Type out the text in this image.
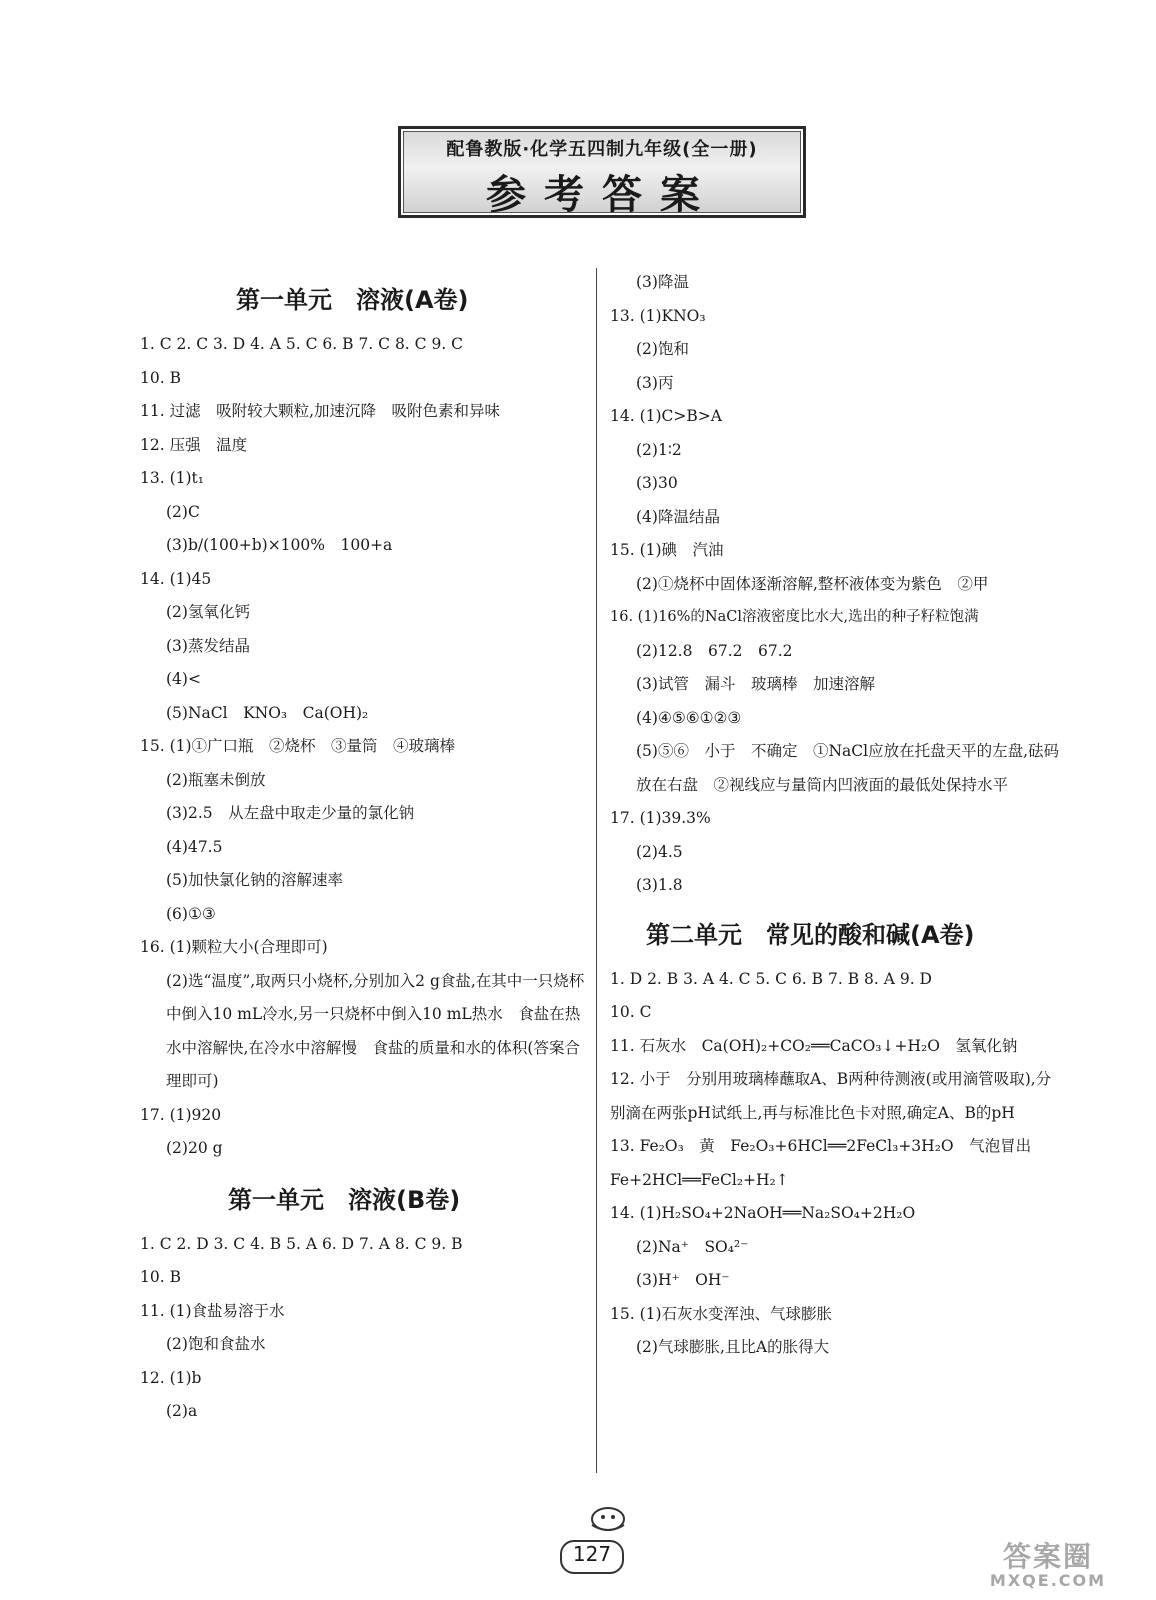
配鲁教版·化学五四制九年级(全一册)
参考答案
第一单元　溶液(A卷)
1. C 2. C 3. D 4. A 5. C 6. B 7. C 8. C 9. C
10. B
11. 过滤　吸附较大颗粒,加速沉降　吸附色素和异味
12. 压强　温度
13. (1)t₁
(2)C
(3)b/(100+b)×100%　100+a
14. (1)45
(2)氢氧化钙
(3)蒸发结晶
(4)<
(5)NaCl　KNO₃　Ca(OH)₂
15. (1)①广口瓶　②烧杯　③量筒　④玻璃棒
(2)瓶塞未倒放
(3)2.5　从左盘中取走少量的氯化钠
(4)47.5
(5)加快氯化钠的溶解速率
(6)①③
16. (1)颗粒大小(合理即可)
(2)选“温度”,取两只小烧杯,分别加入2 g食盐,在其中一只烧杯中倒入10 mL冷水,另一只烧杯中倒入10 mL热水　食盐在热水中溶解快,在冷水中溶解慢　食盐的质量和水的体积(答案合理即可)
17. (1)920
(2)20 g
第一单元　溶液(B卷)
1. C 2. D 3. C 4. B 5. A 6. D 7. A 8. C 9. B
10. B
11. (1)食盐易溶于水
(2)饱和食盐水
12. (1)b
(2)a
(3)降温
13. (1)KNO₃
(2)饱和
(3)丙
14. (1)C>B>A
(2)1∶2
(3)30
(4)降温结晶
15. (1)碘　汽油
(2)①烧杯中固体逐渐溶解,整杯液体变为紫色　②甲
16. (1)16%的NaCl溶液密度比水大,选出的种子籽粒饱满
(2)12.8　67.2　67.2
(3)试管　漏斗　玻璃棒　加速溶解
(4)④⑤⑥①②③
(5)⑤⑥　小于　不确定　①NaCl应放在托盘天平的左盘,砝码放在右盘　②视线应与量筒内凹液面的最低处保持水平
17. (1)39.3%
(2)4.5
(3)1.8
第二单元　常见的酸和碱(A卷)
1. D 2. B 3. A 4. C 5. C 6. B 7. B 8. A 9. D
10. C
11. 石灰水　Ca(OH)₂+CO₂══CaCO₃↓+H₂O　氢氧化钠
12. 小于　分别用玻璃棒蘸取A、B两种待测液(或用滴管吸取),分别滴在两张pH试纸上,再与标准比色卡对照,确定A、B的pH
13. Fe₂O₃　黄　Fe₂O₃+6HCl══2FeCl₃+3H₂O　气泡冒出　Fe+2HCl══FeCl₂+H₂↑
14. (1)H₂SO₄+2NaOH══Na₂SO₄+2H₂O
(2)Na⁺　SO₄²⁻
(3)H⁺　OH⁻
15. (1)石灰水变浑浊、气球膨胀
(2)气球膨胀,且比A的胀得大
127	答案圈
MXQE.COM
